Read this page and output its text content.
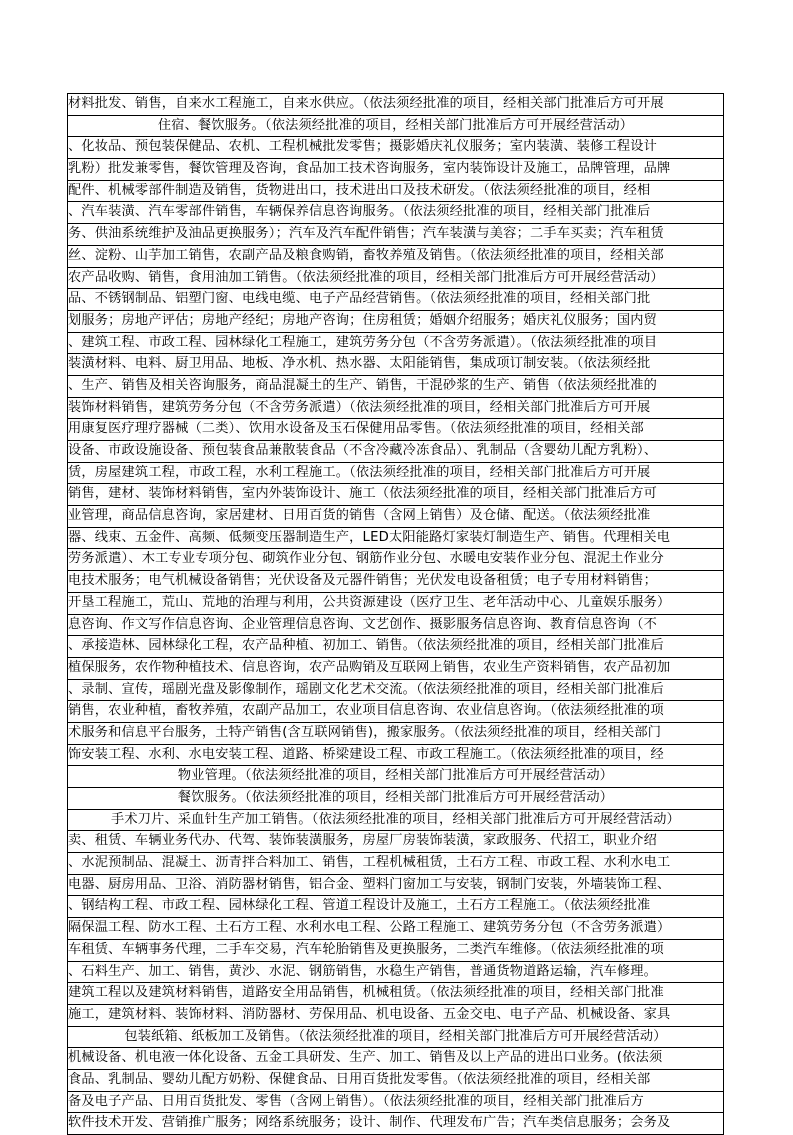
材料批发、销售，自来水工程施工，自来水供应。（依法须经批准的项目，经相关部门批准后方可开展
住宿、餐饮服务。（依法须经批准的项目，经相关部门批准后方可开展经营活动）
、化妆品、预包装保健品、农机、工程机械批发零售；摄影婚庆礼仪服务；室内装潢、装修工程设计
乳粉）批发兼零售，餐饮管理及咨询，食品加工技术咨询服务，室内装饰设计及施工，品牌管理，品牌
配件、机械零部件制造及销售，货物进出口，技术进出口及技术研发。（依法须经批准的项目，经相
、汽车装潢、汽车零部件销售，车辆保养信息咨询服务。（依法须经批准的项目，经相关部门批准后
务、供油系统维护及油品更换服务）；汽车及汽车配件销售；汽车装潢与美容；二手车买卖；汽车租赁
丝、淀粉、山芋加工销售，农副产品及粮食购销，畜牧养殖及销售。（依法须经批准的项目，经相关部
农产品收购、销售，食用油加工销售。（依法须经批准的项目，经相关部门批准后方可开展经营活动）
品、不锈钢制品、铝塑门窗、电线电缆、电子产品经营销售。（依法须经批准的项目，经相关部门批
划服务；房地产评估；房地产经纪；房地产咨询；住房租赁；婚姻介绍服务；婚庆礼仪服务；国内贸
、建筑工程、市政工程、园林绿化工程施工，建筑劳务分包（不含劳务派遣）。（依法须经批准的项目
装潢材料、电料、厨卫用品、地板、净水机、热水器、太阳能销售，集成项订制安装。（依法须经批
、生产、销售及相关咨询服务，商品混凝土的生产、销售，干混砂浆的生产、销售（依法须经批准的
装饰材料销售，建筑劳务分包（不含劳务派遣）（依法须经批准的项目，经相关部门批准后方可开展
用康复医疗理疗器械（二类）、饮用水设备及玉石保健用品零售。（依法须经批准的项目，经相关部
设备、市政设施设备、预包装食品兼散装食品（不含冷藏冷冻食品）、乳制品（含婴幼儿配方乳粉）、
赁，房屋建筑工程，市政工程，水利工程施工。（依法须经批准的项目，经相关部门批准后方可开展
销售，建材、装饰材料销售，室内外装饰设计、施工（依法须经批准的项目，经相关部门批准后方可
业管理，商品信息咨询，家居建材、日用百货的销售（含网上销售）及仓储、配送。（依法须经批准
器、线束、五金件、高频、低频变压器制造生产，LED太阳能路灯家装灯制造生产、销售。代理相关电
劳务派遣）、木工专业专项分包、砌筑作业分包、钢筋作业分包、水暖电安装作业分包、混泥土作业分
电技术服务；电气机械设备销售；光伏设备及元器件销售；光伏发电设备租赁；电子专用材料销售；
开垦工程施工，荒山、荒地的治理与利用，公共资源建设（医疗卫生、老年活动中心、儿童娱乐服务）
息咨询、作文写作信息咨询、企业管理信息咨询、文艺创作、摄影服务信息咨询、教育信息咨询（不
、承接造林、园林绿化工程，农产品种植、初加工、销售。（依法须经批准的项目，经相关部门批准后
植保服务，农作物种植技术、信息咨询，农产品购销及互联网上销售，农业生产资料销售，农产品初加
、录制、宣传，瑶剧光盘及影像制作，瑶剧文化艺术交流。（依法须经批准的项目，经相关部门批准后
销售，农业种植，畜牧养殖，农副产品加工，农业项目信息咨询、农业信息咨询。（依法须经批准的项
术服务和信息平台服务，土特产销售(含互联网销售)，搬家服务。（依法须经批准的项目，经相关部门
饰安装工程、水利、水电安装工程、道路、桥梁建设工程、市政工程施工。（依法须经批准的项目，经
物业管理。（依法须经批准的项目，经相关部门批准后方可开展经营活动）
餐饮服务。（依法须经批准的项目，经相关部门批准后方可开展经营活动）
手术刀片、采血针生产加工销售。（依法须经批准的项目，经相关部门批准后方可开展经营活动）
卖、租赁、车辆业务代办、代驾、装饰装潢服务，房屋厂房装饰装潢，家政服务、代招工，职业介绍
、水泥预制品、混凝土、沥青拌合料加工、销售，工程机械租赁，土石方工程、市政工程、水利水电工
电器、厨房用品、卫浴、消防器材销售，铝合金、塑料门窗加工与安装，钢制门安装，外墙装饰工程、
、钢结构工程、市政工程、园林绿化工程、管道工程设计及施工，土石方工程施工。（依法须经批准
隔保温工程、防水工程、土石方工程、水利水电工程、公路工程施工、建筑劳务分包（不含劳务派遣）
车租赁、车辆事务代理，二手车交易，汽车轮胎销售及更换服务，二类汽车维修。（依法须经批准的项
、石料生产、加工、销售，黄沙、水泥、钢筋销售，水稳生产销售，普通货物道路运输，汽车修理。
建筑工程以及建筑材料销售，道路安全用品销售，机械租赁。（依法须经批准的项目，经相关部门批准
施工，建筑材料、装饰材料、消防器材、劳保用品、机电设备、五金交电、电子产品、机械设备、家具
包装纸箱、纸板加工及销售。（依法须经批准的项目，经相关部门批准后方可开展经营活动）
机械设备、机电液一体化设备、五金工具研发、生产、加工、销售及以上产品的进出口业务。(依法须
食品、乳制品、婴幼儿配方奶粉、保健食品、日用百货批发零售。（依法须经批准的项目，经相关部
备及电子产品、日用百货批发、零售（含网上销售）。（依法须经批准的项目，经相关部门批准后方
软件技术开发、营销推广服务；网络系统服务；设计、制作、代理发布广告；汽车类信息服务；会务及
